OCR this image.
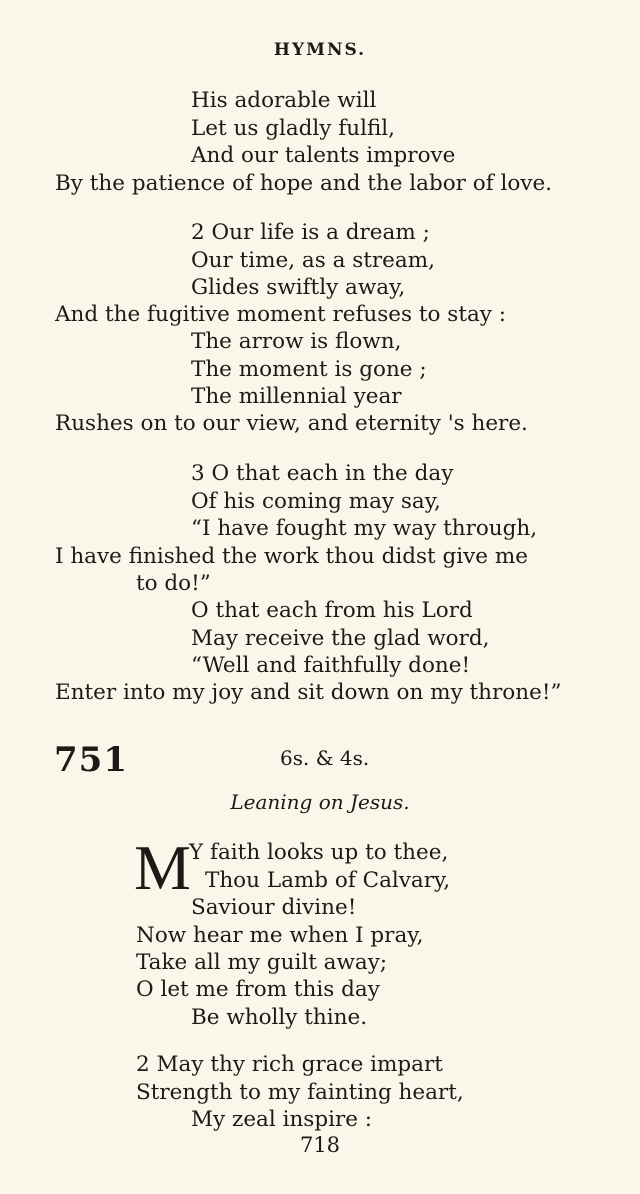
HYMNS.
His adorable will
Let us gladly fulfil,
And our talents improve
By the patience of hope and the labor of love.
2 Our life is a dream ;
Our time, as a stream,
Glides swiftly away,
And the fugitive moment refuses to stay :
The arrow is flown,
The moment is gone ;
The millennial year
Rushes on to our view, and eternity 's here.
3 O that each in the day
Of his coming may say,
“I have fought my way through,
I have finished the work thou didst give me
to do!”
O that each from his Lord
May receive the glad word,
“Well and faithfully done!
Enter into my joy and sit down on my throne!”
751	6s. & 4s.
Leaning on Jesus.
M
Y faith looks up to thee,
Thou Lamb of Calvary,
Saviour divine!
Now hear me when I pray,
Take all my guilt away;
O let me from this day
Be wholly thine.
2 May thy rich grace impart
Strength to my fainting heart,
My zeal inspire :
718
